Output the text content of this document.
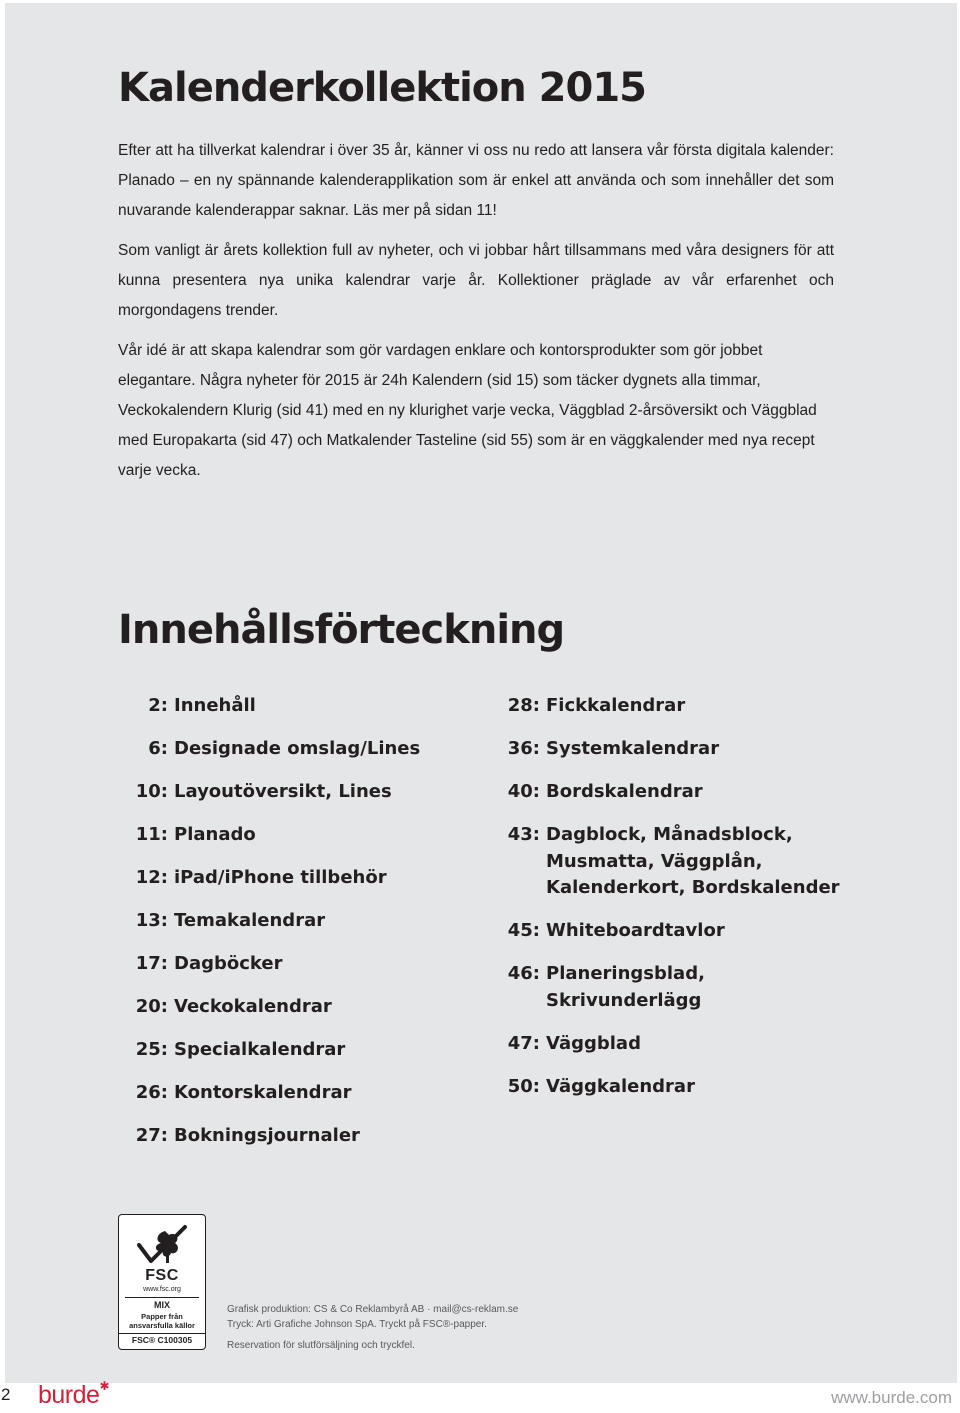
Kalenderkollektion 2015

Efter att ha tillverkat kalendrar i över 35 år, känner vi oss nu redo att lansera vår första digitala kalender: Planado – en ny spännande kalenderapplikation som är enkel att använda och som innehåller det som nuvarande kalenderappar saknar. Läs mer på sidan 11!

Som vanligt är årets kollektion full av nyheter, och vi jobbar hårt tillsammans med våra designers för att kunna presentera nya unika kalendrar varje år. Kollektioner präglade av vår erfarenhet och morgondagens trender.

Vår idé är att skapa kalendrar som gör vardagen enklare och kontorsprodukter som gör jobbet elegantare. Några nyheter för 2015 är 24h Kalendern (sid 15) som täcker dygnets alla timmar, Veckokalendern Klurig (sid 41) med en ny klurighet varje vecka, Väggblad 2-årsöversikt och Väggblad med Europakarta (sid 47) och Matkalender Tasteline (sid 55) som är en väggkalender med nya recept varje vecka.

Innehållsförteckning
2: Innehåll
6: Designade omslag/Lines
10: Layoutöversikt, Lines
11: Planado
12: iPad/iPhone tillbehör
13: Temakalendrar
17: Dagböcker
20: Veckokalendrar
25: Specialkalendrar
26: Kontorskalendrar
27: Bokningsjournaler
28: Fickkalendrar
36: Systemkalendrar
40: Bordskalendrar
43: Dagblock, Månadsblock, Musmatta, Väggplån, Kalenderkort, Bordskalender
45: Whiteboardtavlor
46: Planeringsblad, Skrivunderlägg
47: Väggblad
50: Väggkalendrar
FSC
www.fsc.org
MIX
Papper från ansvarsfulla källor
FSC® C100305
Grafisk produktion: CS & Co Reklambyrå AB · mail@cs-reklam.se
Tryck: Arti Grafiche Johnson SpA. Tryckt på FSC®-papper.
Reservation för slutförsäljning och tryckfel.
2 burde✱
www.burde.com
